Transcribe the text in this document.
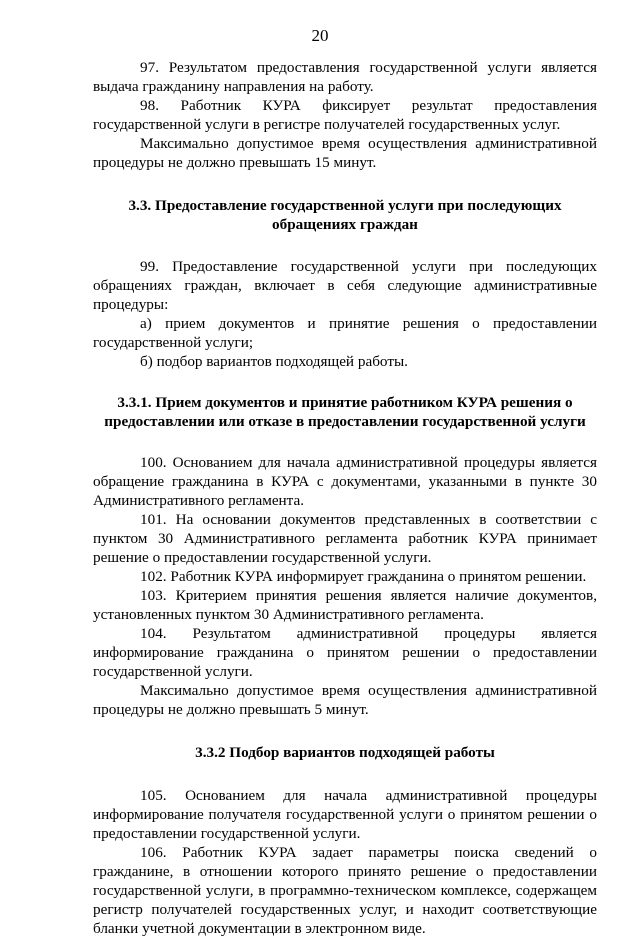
20

97. Результатом предоставления государственной услуги является выдача гражданину направления на работу.

98. Работник КУРА фиксирует результат предоставления государственной услуги в регистре получателей государственных услуг.

Максимально допустимое время осуществления административной процедуры не должно превышать 15 минут.

3.3. Предоставление государственной услуги при последующих обращениях граждан

99. Предоставление государственной услуги при последующих обращениях граждан, включает в себя следующие административные процедуры:

а) прием документов и принятие решения о предоставлении государственной услуги;

б) подбор вариантов подходящей работы.

3.3.1. Прием документов и принятие работником КУРА решения о предоставлении или отказе в предоставлении государственной услуги

100. Основанием для начала административной процедуры является обращение гражданина в КУРА с документами, указанными в пункте 30 Административного регламента.

101. На основании документов представленных в соответствии с пунктом 30 Административного регламента работник КУРА принимает решение о предоставлении государственной услуги.

102. Работник КУРА информирует гражданина о принятом решении.

103. Критерием принятия решения является наличие документов, установленных пунктом 30 Административного регламента.

104. Результатом административной процедуры является информирование гражданина о принятом решении о предоставлении государственной услуги.

Максимально допустимое время осуществления административной процедуры не должно превышать 5 минут.

3.3.2 Подбор вариантов подходящей работы

105. Основанием для начала административной процедуры информирование получателя государственной услуги о принятом решении о предоставлении государственной услуги.

106. Работник КУРА задает параметры поиска сведений о гражданине, в отношении которого принято решение о предоставлении государственной услуги, в программно-техническом комплексе, содержащем регистр получателей государственных услуг, и находит соответствующие бланки учетной документации в электронном виде.
